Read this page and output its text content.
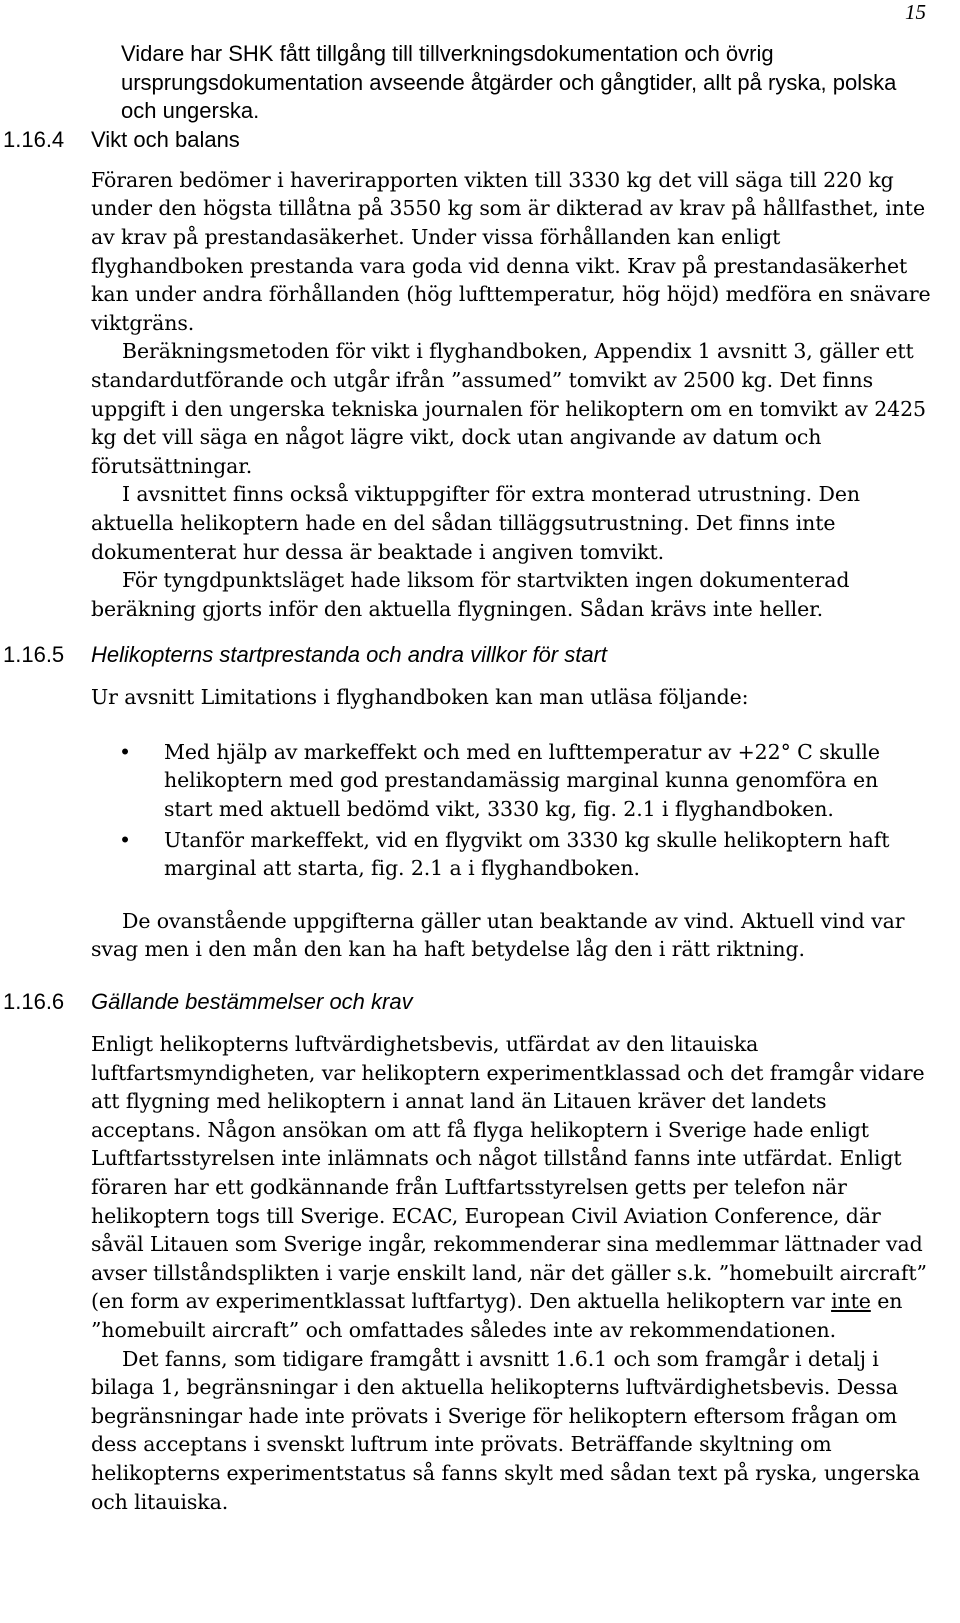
15
Vidare har SHK fått tillgång till tillverkningsdokumentation och övrig ursprungsdokumentation avseende åtgärder och gångtider, allt på ryska, polska och ungerska.
1.16.4 Vikt och balans

Föraren bedömer i haverirapporten vikten till 3330 kg det vill säga till 220 kg under den högsta tillåtna på 3550 kg som är dikterad av krav på hållfasthet, inte av krav på prestandasäkerhet. Under vissa förhållanden kan enligt flyghandboken prestanda vara goda vid denna vikt. Krav på prestandasäkerhet kan under andra förhållanden (hög lufttemperatur, hög höjd) medföra en snävare viktgräns.

Beräkningsmetoden för vikt i flyghandboken, Appendix 1 avsnitt 3, gäller ett standardutförande och utgår ifrån ”assumed” tomvikt av 2500 kg. Det finns uppgift i den ungerska tekniska journalen för helikoptern om en tomvikt av 2425 kg det vill säga en något lägre vikt, dock utan angivande av datum och förutsättningar.

I avsnittet finns också viktuppgifter för extra monterad utrustning. Den aktuella helikoptern hade en del sådan tilläggsutrustning. Det finns inte dokumenterat hur dessa är beaktade i angiven tomvikt.

För tyngdpunktsläget hade liksom för startvikten ingen dokumenterad beräkning gjorts inför den aktuella flygningen. Sådan krävs inte heller.

1.16.5 Helikopterns startprestanda och andra villkor för start

Ur avsnitt Limitations i flyghandboken kan man utläsa följande:

• Med hjälp av markeffekt och med en lufttemperatur av +22° C skulle helikoptern med god prestandamässig marginal kunna genomföra en start med aktuell bedömd vikt, 3330 kg, fig. 2.1 i flyghandboken.
• Utanför markeffekt, vid en flygvikt om 3330 kg skulle helikoptern haft marginal att starta, fig. 2.1 a i flyghandboken.

De ovanstående uppgifterna gäller utan beaktande av vind. Aktuell vind var svag men i den mån den kan ha haft betydelse låg den i rätt riktning.

1.16.6 Gällande bestämmelser och krav

Enligt helikopterns luftvärdighetsbevis, utfärdat av den litauiska luftfartsmyndigheten, var helikoptern experimentklassad och det framgår vidare att flygning med helikoptern i annat land än Litauen kräver det landets acceptans. Någon ansökan om att få flyga helikoptern i Sverige hade enligt Luftfartsstyrelsen inte inlämnats och något tillstånd fanns inte utfärdat. Enligt föraren har ett godkännande från Luftfartsstyrelsen getts per telefon när helikoptern togs till Sverige. ECAC, European Civil Aviation Conference, där såväl Litauen som Sverige ingår, rekommenderar sina medlemmar lättnader vad avser tillståndsplikten i varje enskilt land, när det gäller s.k. ”homebuilt aircraft” (en form av experimentklassat luftfartyg). Den aktuella helikoptern var inte en ”homebuilt aircraft” och omfattades således inte av rekommendationen.

Det fanns, som tidigare framgått i avsnitt 1.6.1 och som framgår i detalj i bilaga 1, begränsningar i den aktuella helikopterns luftvärdighetsbevis. Dessa begränsningar hade inte prövats i Sverige för helikoptern eftersom frågan om dess acceptans i svenskt luftrum inte prövats. Beträffande skyltning om helikopterns experimentstatus så fanns skylt med sådan text på ryska, ungerska och litauiska.
